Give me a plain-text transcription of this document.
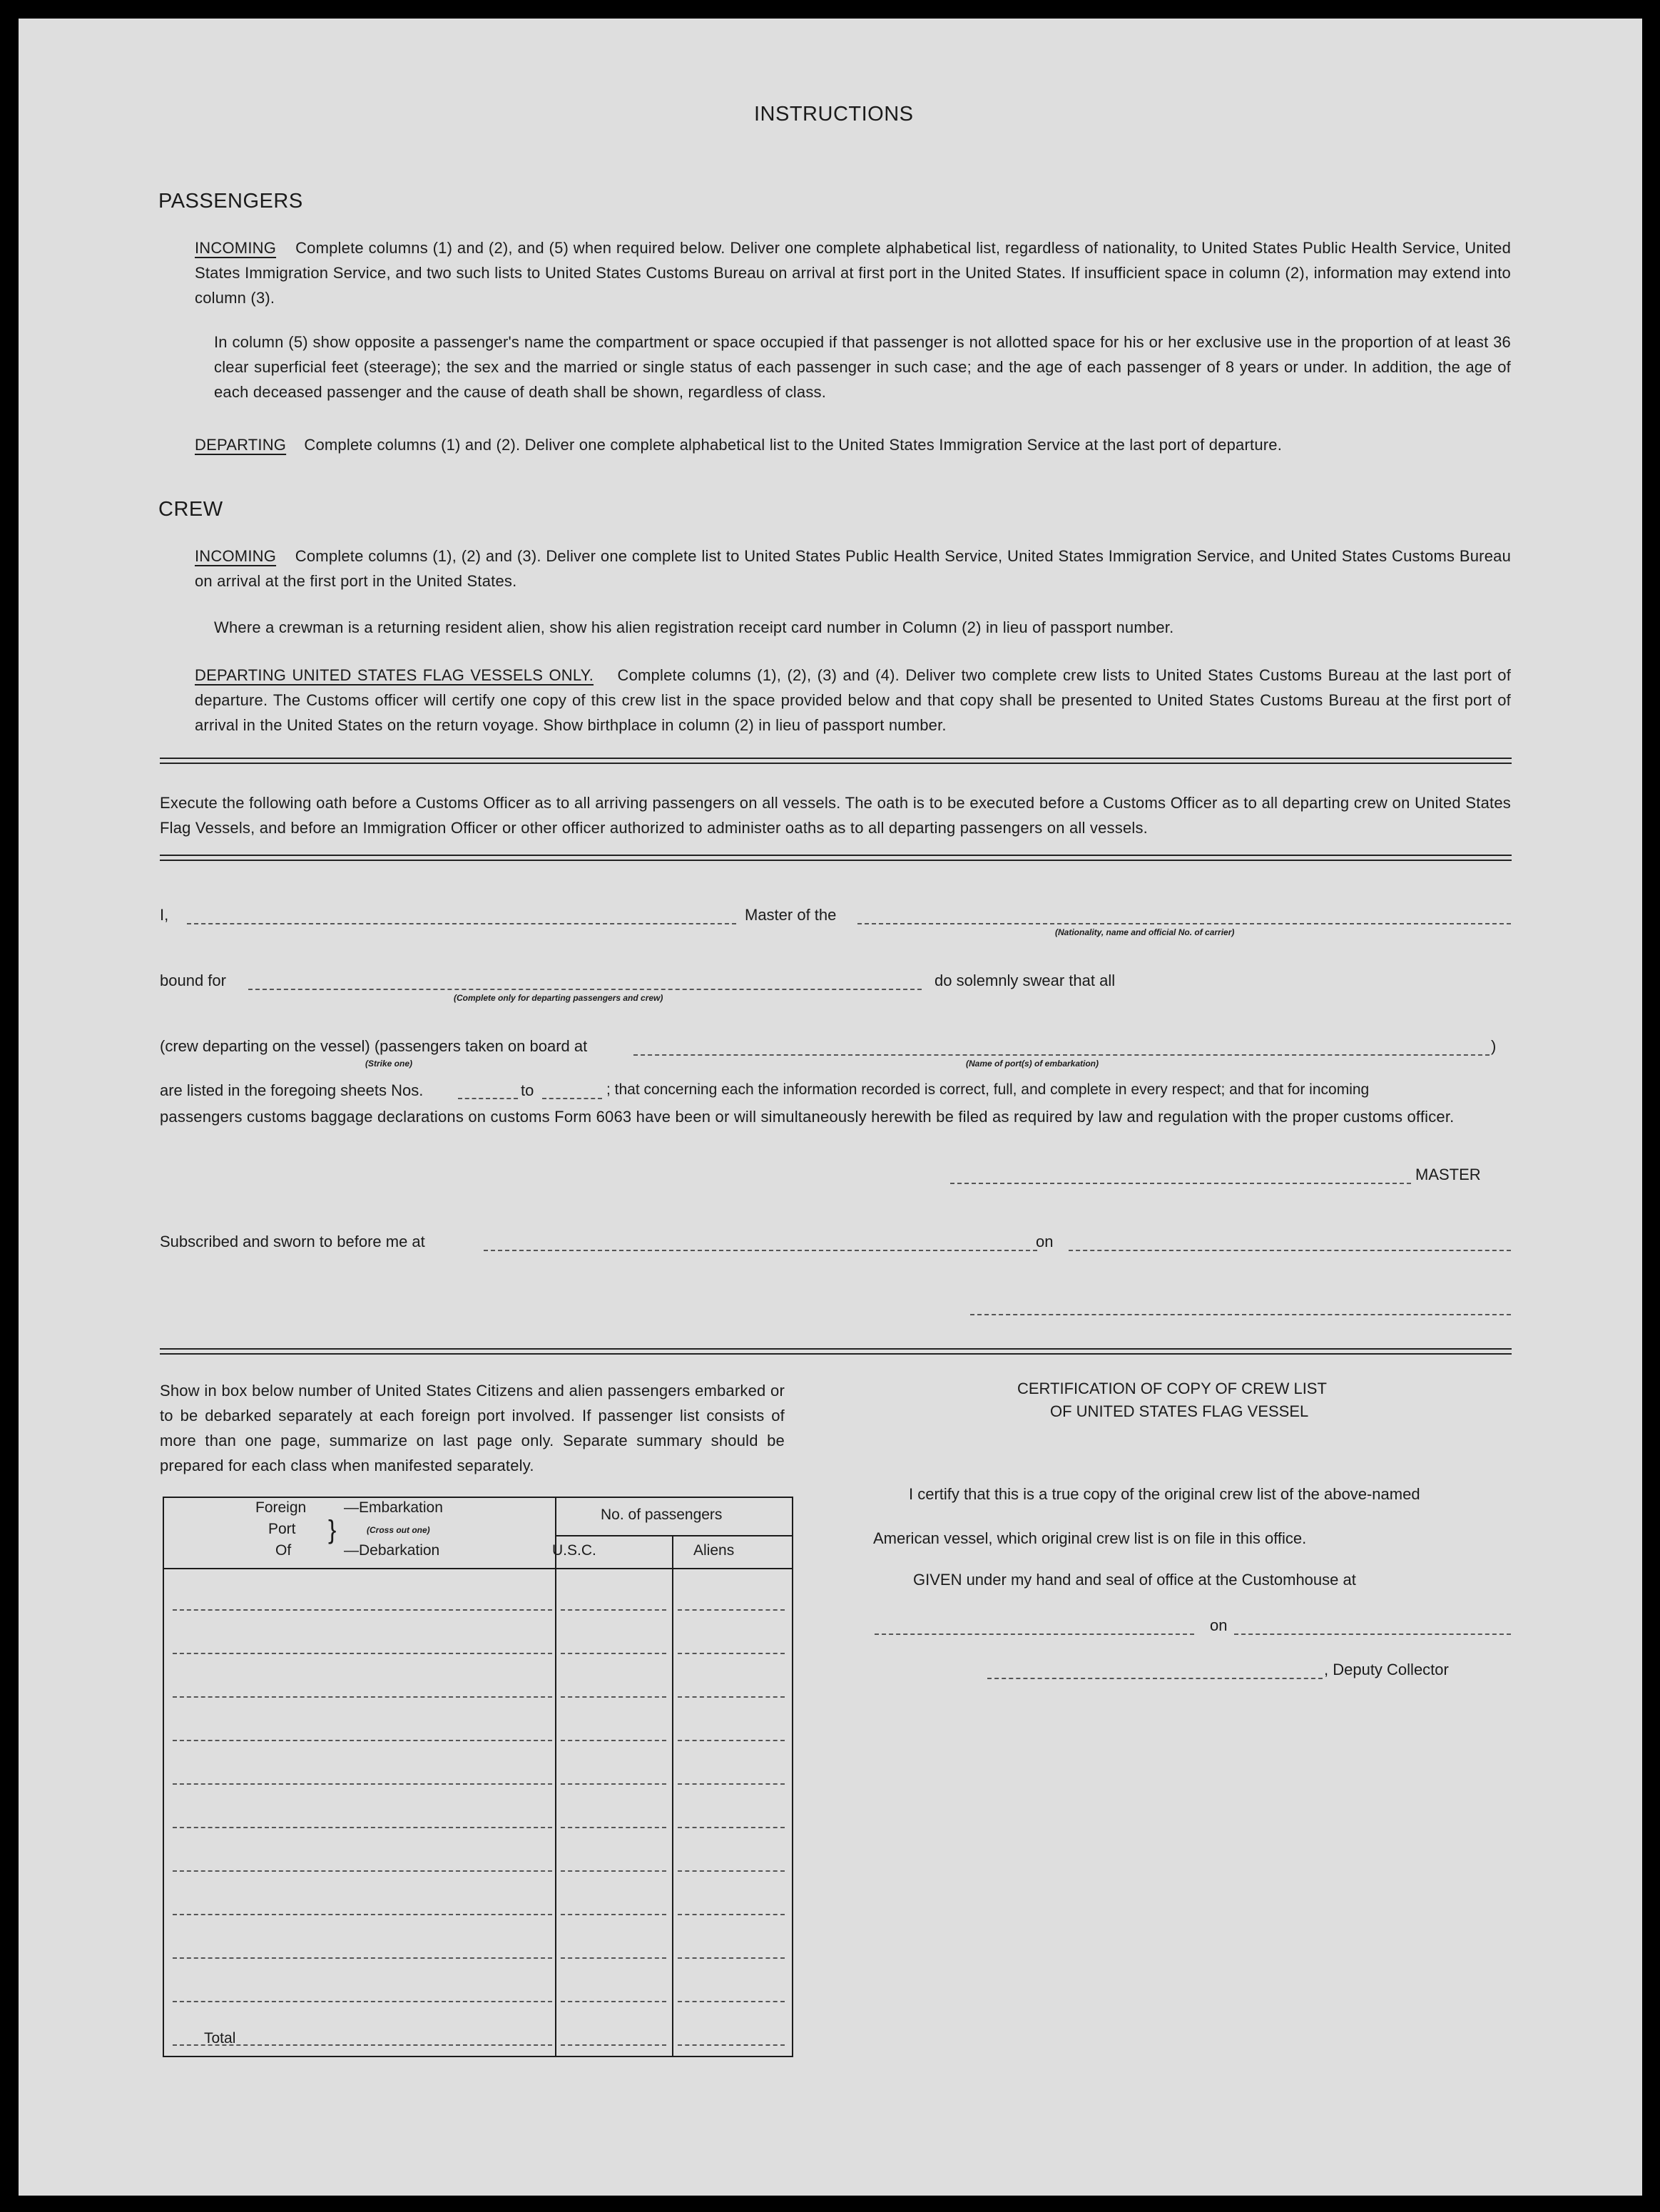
INSTRUCTIONS
PASSENGERS
INCOMING Complete columns (1) and (2), and (5) when required below. Deliver one complete alphabetical list, regardless of nationality, to United States Public Health Service, United States Immigration Service, and two such lists to United States Customs Bureau on arrival at first port in the United States. If insufficient space in column (2), information may extend into column (3).
In column (5) show opposite a passenger's name the compartment or space occupied if that passenger is not allotted space for his or her exclusive use in the proportion of at least 36 clear superficial feet (steerage); the sex and the married or single status of each passenger in such case; and the age of each passenger of 8 years or under. In addition, the age of each deceased passenger and the cause of death shall be shown, regardless of class.
DEPARTING Complete columns (1) and (2). Deliver one complete alphabetical list to the United States Immigration Service at the last port of departure.
CREW
INCOMING Complete columns (1), (2) and (3). Deliver one complete list to United States Public Health Service, United States Immigration Service, and United States Customs Bureau on arrival at the first port in the United States.
Where a crewman is a returning resident alien, show his alien registration receipt card number in Column (2) in lieu of passport number.
DEPARTING UNITED STATES FLAG VESSELS ONLY. Complete columns (1), (2), (3) and (4). Deliver two complete crew lists to United States Customs Bureau at the last port of departure. The Customs officer will certify one copy of this crew list in the space provided below and that copy shall be presented to United States Customs Bureau at the first port of arrival in the United States on the return voyage. Show birthplace in column (2) in lieu of passport number.
Execute the following oath before a Customs Officer as to all arriving passengers on all vessels. The oath is to be executed before a Customs Officer as to all departing crew on United States Flag Vessels, and before an Immigration Officer or other officer authorized to administer oaths as to all departing passengers on all vessels.
I,	Master of the
(Nationality, name and official No. of carrier)
bound for
(Complete only for departing passengers and crew)
do solemnly swear that all
(crew departing on the vessel) (passengers taken on board at	)
(Strike one)	(Name of port(s) of embarkation)
are listed in the foregoing sheets Nos.	to	; that concerning each the information recorded is correct, full, and complete in every respect; and that for incoming
passengers customs baggage declarations on customs Form 6063 have been or will simultaneously herewith be filed as required by law and regulation with the proper customs officer.
MASTER
Subscribed and sworn to before me at	on
Show in box below number of United States Citizens and alien passengers embarked or to be debarked separately at each foreign port involved. If passenger list consists of more than one page, summarize on last page only. Separate summary should be prepared for each class when manifested separately.
Foreign
Port
Of
}
—Embarkation
(Cross out one)
—Debarkation
No. of passengers
U.S.C.	Aliens
Total
CERTIFICATION OF COPY OF CREW LIST
OF UNITED STATES FLAG VESSEL
I certify that this is a true copy of the original crew list of the above-named
American vessel, which original crew list is on file in this office.
GIVEN under my hand and seal of office at the Customhouse at
on
, Deputy Collector
